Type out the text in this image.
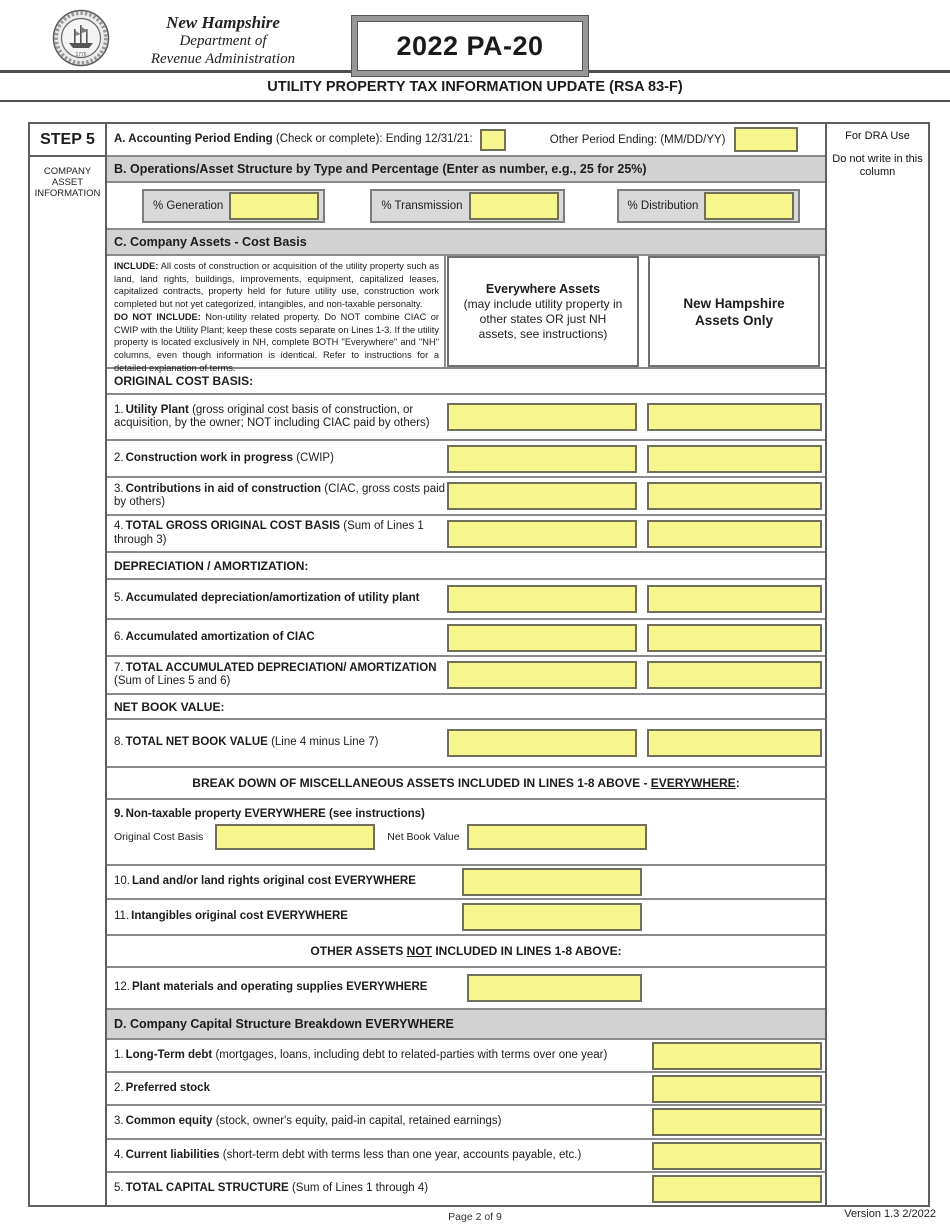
1776
New Hampshire
Department of
Revenue Administration	2022 PA-20
UTILITY PROPERTY TAX INFORMATION UPDATE (RSA 83-F)
STEP 5
COMPANY ASSET INFORMATION
A. Accounting Period Ending (Check or complete): Ending 12/31/21:	Other Period Ending: (MM/DD/YY)
B. Operations/Asset Structure by Type and Percentage (Enter as number, e.g., 25 for 25%)
% Generation	% Transmission	% Distribution
C. Company Assets - Cost Basis
INCLUDE: All costs of construction or acquisition of the utility property such as land, land rights, buildings, improvements, equipment, capitalized leases, capitalized contracts, property held for future utility use, construction work completed but not yet categorized, intangibles, and non-taxable personalty.
DO NOT INCLUDE: Non-utility related property. Do NOT combine CIAC or CWIP with the Utility Plant; keep these costs separate on Lines 1-3. If the utility property is located exclusively in NH, complete BOTH "Everywhere" and "NH" columns, even though information is identical. Refer to instructions for a detailed explanation of terms.
Everywhere Assets
(may include utility property in other states OR just NH assets, see instructions)
New Hampshire Assets Only
ORIGINAL COST BASIS:
1. Utility Plant (gross original cost basis of construction, or acquisition, by the owner; NOT including CIAC paid by others)
2. Construction work in progress (CWIP)
3. Contributions in aid of construction (CIAC, gross costs paid by others)
4. TOTAL GROSS ORIGINAL COST BASIS (Sum of Lines 1 through 3)
DEPRECIATION / AMORTIZATION:
5. Accumulated depreciation/amortization of utility plant
6. Accumulated amortization of CIAC
7. TOTAL ACCUMULATED DEPRECIATION/ AMORTIZATION (Sum of Lines 5 and 6)
NET BOOK VALUE:
8. TOTAL NET BOOK VALUE (Line 4 minus Line 7)
BREAK DOWN OF MISCELLANEOUS ASSETS INCLUDED IN LINES 1-8 ABOVE - EVERYWHERE:
9. Non-taxable property EVERYWHERE (see instructions)
Original Cost Basis	Net Book Value
10. Land and/or land rights original cost EVERYWHERE
11. Intangibles original cost EVERYWHERE
OTHER ASSETS NOT INCLUDED IN LINES 1-8 ABOVE:
12. Plant materials and operating supplies EVERYWHERE
D. Company Capital Structure Breakdown EVERYWHERE
1. Long-Term debt (mortgages, loans, including debt to related-parties with terms over one year)
2. Preferred stock
3. Common equity (stock, owner's equity, paid-in capital, retained earnings)
4. Current liabilities (short-term debt with terms less than one year, accounts payable, etc.)
5. TOTAL CAPITAL STRUCTURE (Sum of Lines 1 through 4)
For DRA Use
Do not write in this column
Page 2 of 9	Version 1.3 2/2022
